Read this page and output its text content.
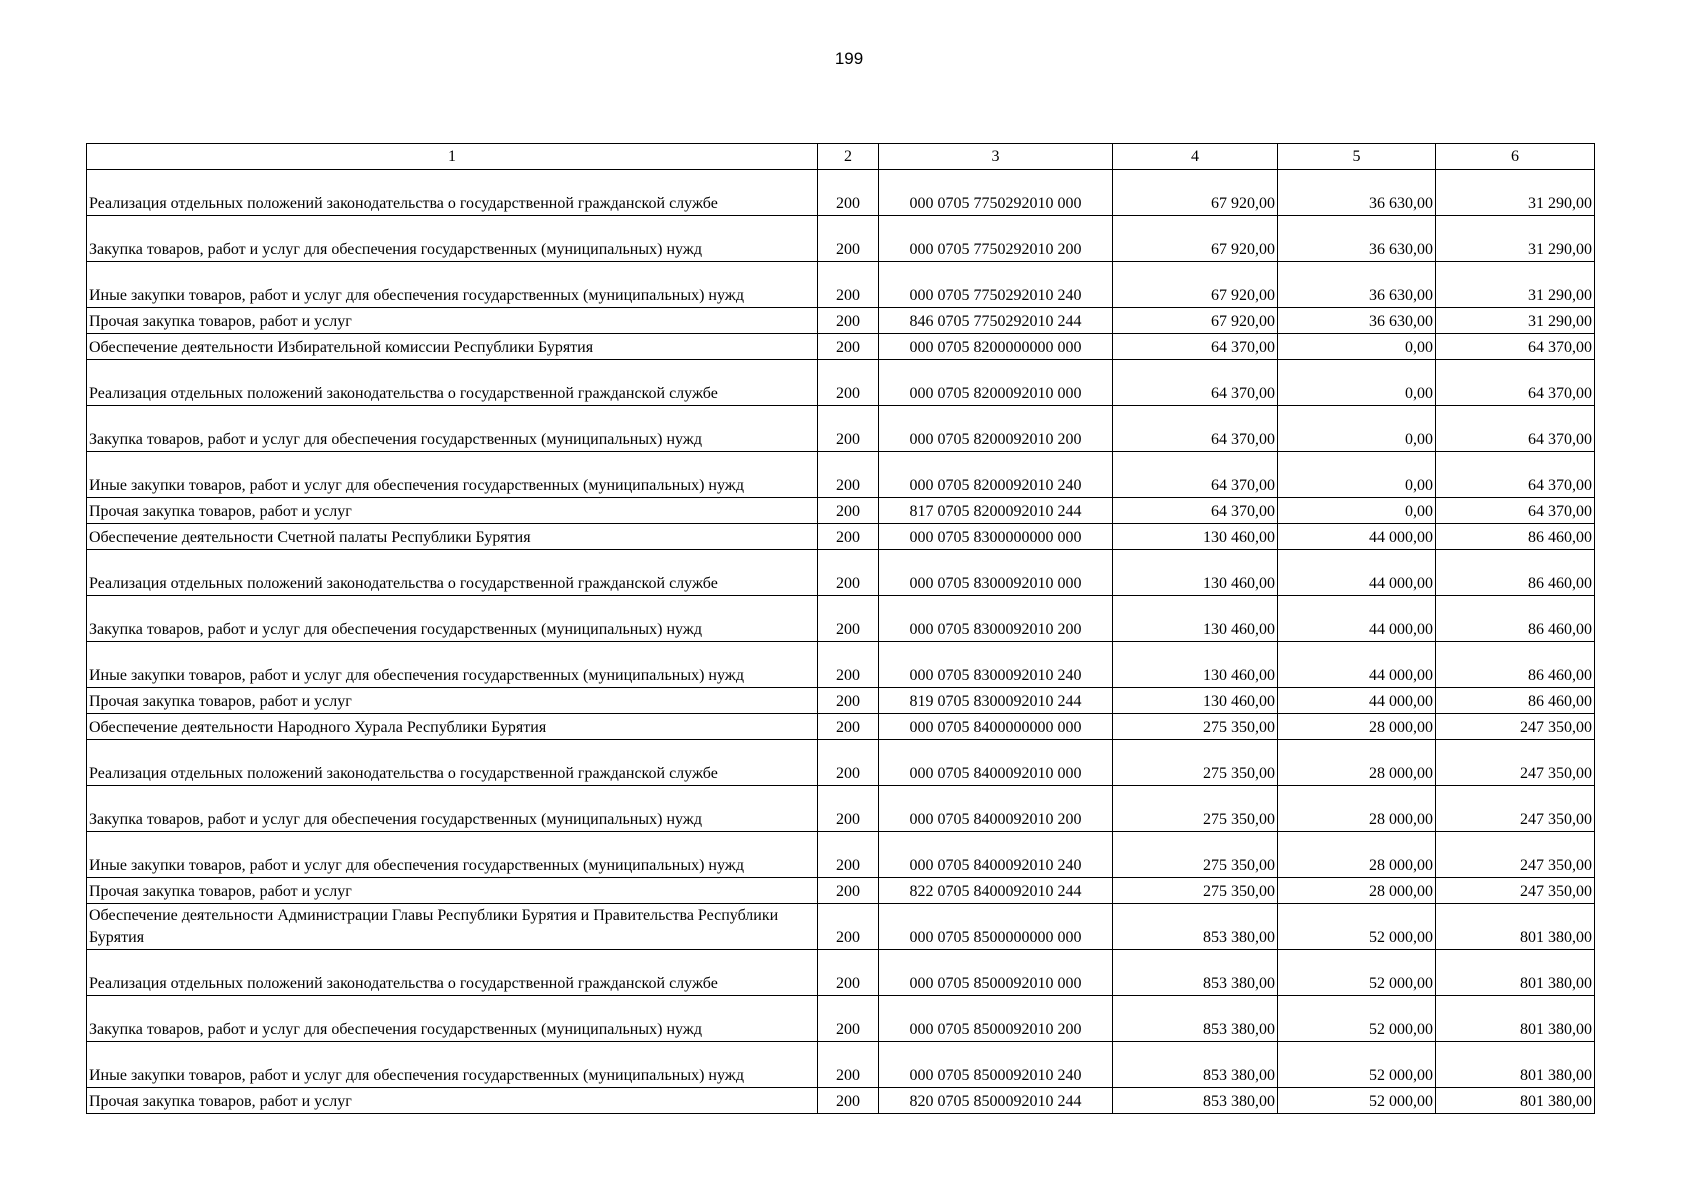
199
1	2	3	4	5	6
Реализация отдельных положений законодательства о государственной гражданской службе	200	000 0705 7750292010 000	67 920,00	36 630,00	31 290,00
Закупка товаров, работ и услуг для обеспечения государственных (муниципальных) нужд	200	000 0705 7750292010 200	67 920,00	36 630,00	31 290,00
Иные закупки товаров, работ и услуг для обеспечения государственных (муниципальных) нужд	200	000 0705 7750292010 240	67 920,00	36 630,00	31 290,00
Прочая закупка товаров, работ и услуг	200	846 0705 7750292010 244	67 920,00	36 630,00	31 290,00
Обеспечение деятельности Избирательной комиссии Республики Бурятия	200	000 0705 8200000000 000	64 370,00	0,00	64 370,00
Реализация отдельных положений законодательства о государственной гражданской службе	200	000 0705 8200092010 000	64 370,00	0,00	64 370,00
Закупка товаров, работ и услуг для обеспечения государственных (муниципальных) нужд	200	000 0705 8200092010 200	64 370,00	0,00	64 370,00
Иные закупки товаров, работ и услуг для обеспечения государственных (муниципальных) нужд	200	000 0705 8200092010 240	64 370,00	0,00	64 370,00
Прочая закупка товаров, работ и услуг	200	817 0705 8200092010 244	64 370,00	0,00	64 370,00
Обеспечение деятельности Счетной палаты Республики Бурятия	200	000 0705 8300000000 000	130 460,00	44 000,00	86 460,00
Реализация отдельных положений законодательства о государственной гражданской службе	200	000 0705 8300092010 000	130 460,00	44 000,00	86 460,00
Закупка товаров, работ и услуг для обеспечения государственных (муниципальных) нужд	200	000 0705 8300092010 200	130 460,00	44 000,00	86 460,00
Иные закупки товаров, работ и услуг для обеспечения государственных (муниципальных) нужд	200	000 0705 8300092010 240	130 460,00	44 000,00	86 460,00
Прочая закупка товаров, работ и услуг	200	819 0705 8300092010 244	130 460,00	44 000,00	86 460,00
Обеспечение деятельности Народного Хурала Республики Бурятия	200	000 0705 8400000000 000	275 350,00	28 000,00	247 350,00
Реализация отдельных положений законодательства о государственной гражданской службе	200	000 0705 8400092010 000	275 350,00	28 000,00	247 350,00
Закупка товаров, работ и услуг для обеспечения государственных (муниципальных) нужд	200	000 0705 8400092010 200	275 350,00	28 000,00	247 350,00
Иные закупки товаров, работ и услуг для обеспечения государственных (муниципальных) нужд	200	000 0705 8400092010 240	275 350,00	28 000,00	247 350,00
Прочая закупка товаров, работ и услуг	200	822 0705 8400092010 244	275 350,00	28 000,00	247 350,00
Обеспечение деятельности Администрации Главы Республики Бурятия и Правительства Республики Бурятия	200	000 0705 8500000000 000	853 380,00	52 000,00	801 380,00
Реализация отдельных положений законодательства о государственной гражданской службе	200	000 0705 8500092010 000	853 380,00	52 000,00	801 380,00
Закупка товаров, работ и услуг для обеспечения государственных (муниципальных) нужд	200	000 0705 8500092010 200	853 380,00	52 000,00	801 380,00
Иные закупки товаров, работ и услуг для обеспечения государственных (муниципальных) нужд	200	000 0705 8500092010 240	853 380,00	52 000,00	801 380,00
Прочая закупка товаров, работ и услуг	200	820 0705 8500092010 244	853 380,00	52 000,00	801 380,00
